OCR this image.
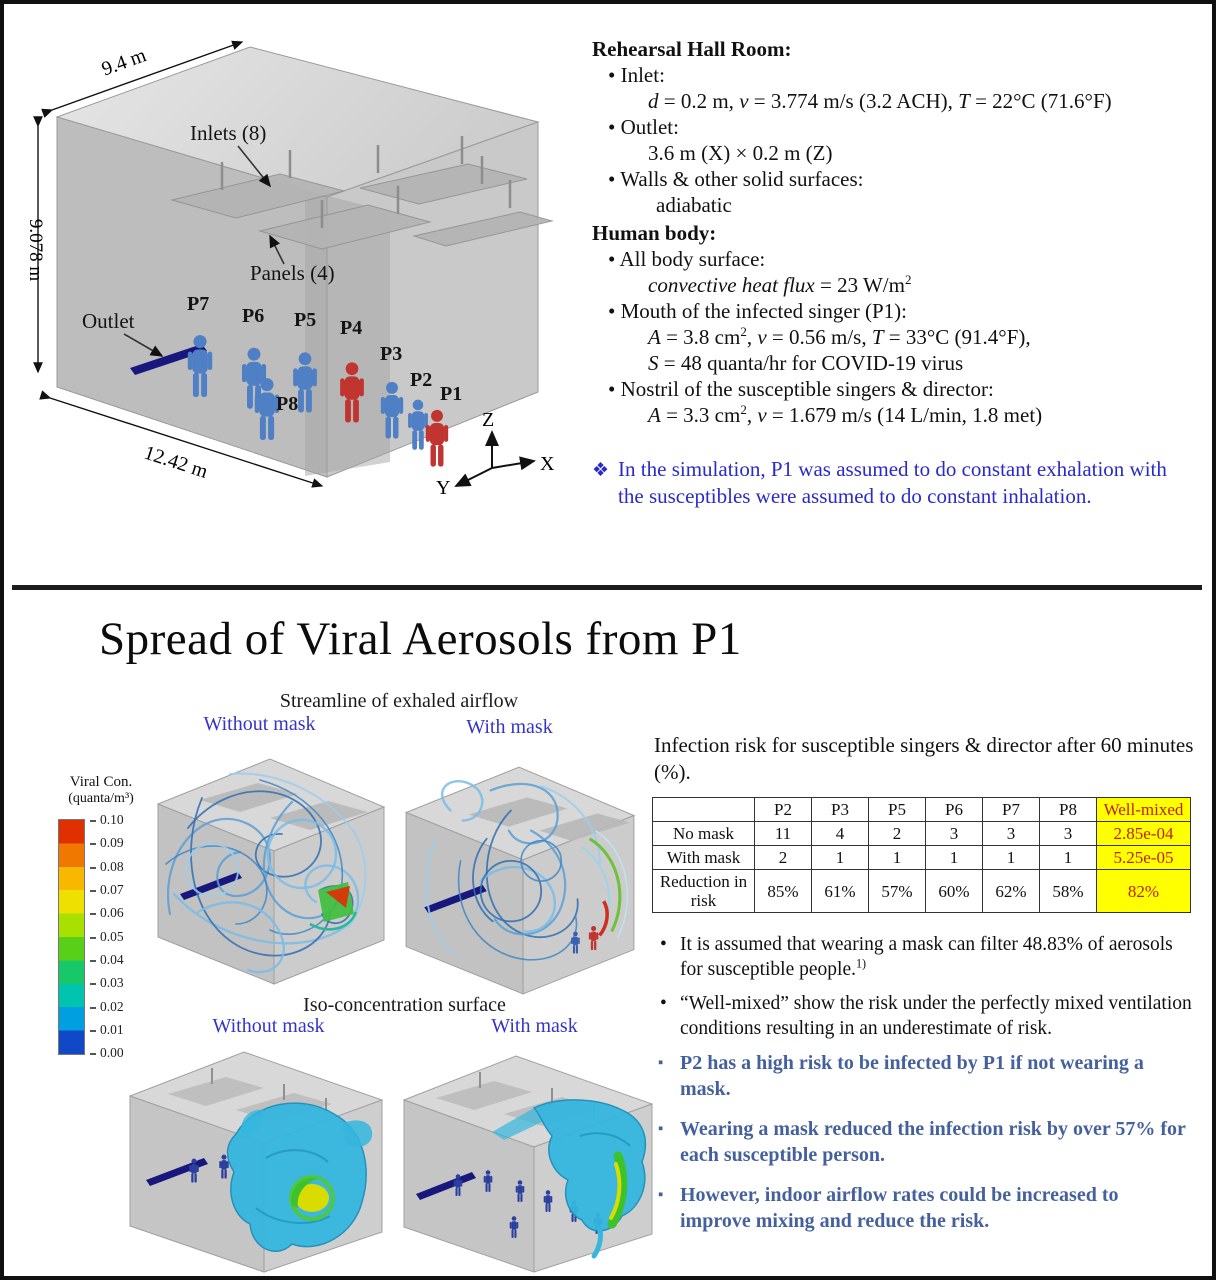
P7
P6 P5 P4
P3
P2
P1
P8
Inlets (8)
Panels (4)
Outlet
9.4 m
9.078 m
12.42 m
Z
X
Y
Rehearsal Hall Room:
• Inlet:
d = 0.2 m, v = 3.774 m/s (3.2 ACH), T = 22°C (71.6°F)
• Outlet:
3.6 m (X) × 0.2 m (Z)
• Walls & other solid surfaces:
adiabatic
Human body:
• All body surface:
convective heat flux = 23 $W/m^2$
• Mouth of the infected singer (P1):
A = 3.8 $cm^2$, v = 0.56 m/s, T = 33°C (91.4°F),
S = 48 quanta/hr for COVID-19 virus
• Nostril of the susceptible singers & director:
A = 3.3 $cm^2$, v = 1.679 m/s (14 L/min, 1.8 met)
❖ In the simulation, P1 was assumed to do constant exhalation with the susceptibles were assumed to do constant inhalation.
Spread of Viral Aerosols from P1
Streamline of exhaled airflow
Without mask	With mask
Viral Con.
(quanta/m³)
0.10
0.09
0.08
0.07
0.06
0.05
0.04
0.03
0.02
0.01
0.00
Iso-concentration surface
Without mask	With mask
Infection risk for susceptible singers & director after 60 minutes (%).
	P2	P3	P5	P6	P7	P8	Well-mixed
No mask	11	4	2	3	3	3	2.85e-04
With mask	2	1	1	1	1	1	5.25e-05
Reduction in risk	85%	61%	57%	60%	62%	58%	82%
• It is assumed that wearing a mask can filter 48.83% of aerosols for susceptible people.$^{1)}$
• “Well-mixed” show the risk under the perfectly mixed ventilation conditions resulting in an underestimate of risk.
▪ P2 has a high risk to be infected by P1 if not wearing a mask.
▪ Wearing a mask reduced the infection risk by over 57% for each susceptible person.
▪ However, indoor airflow rates could be increased to improve mixing and reduce the risk.
